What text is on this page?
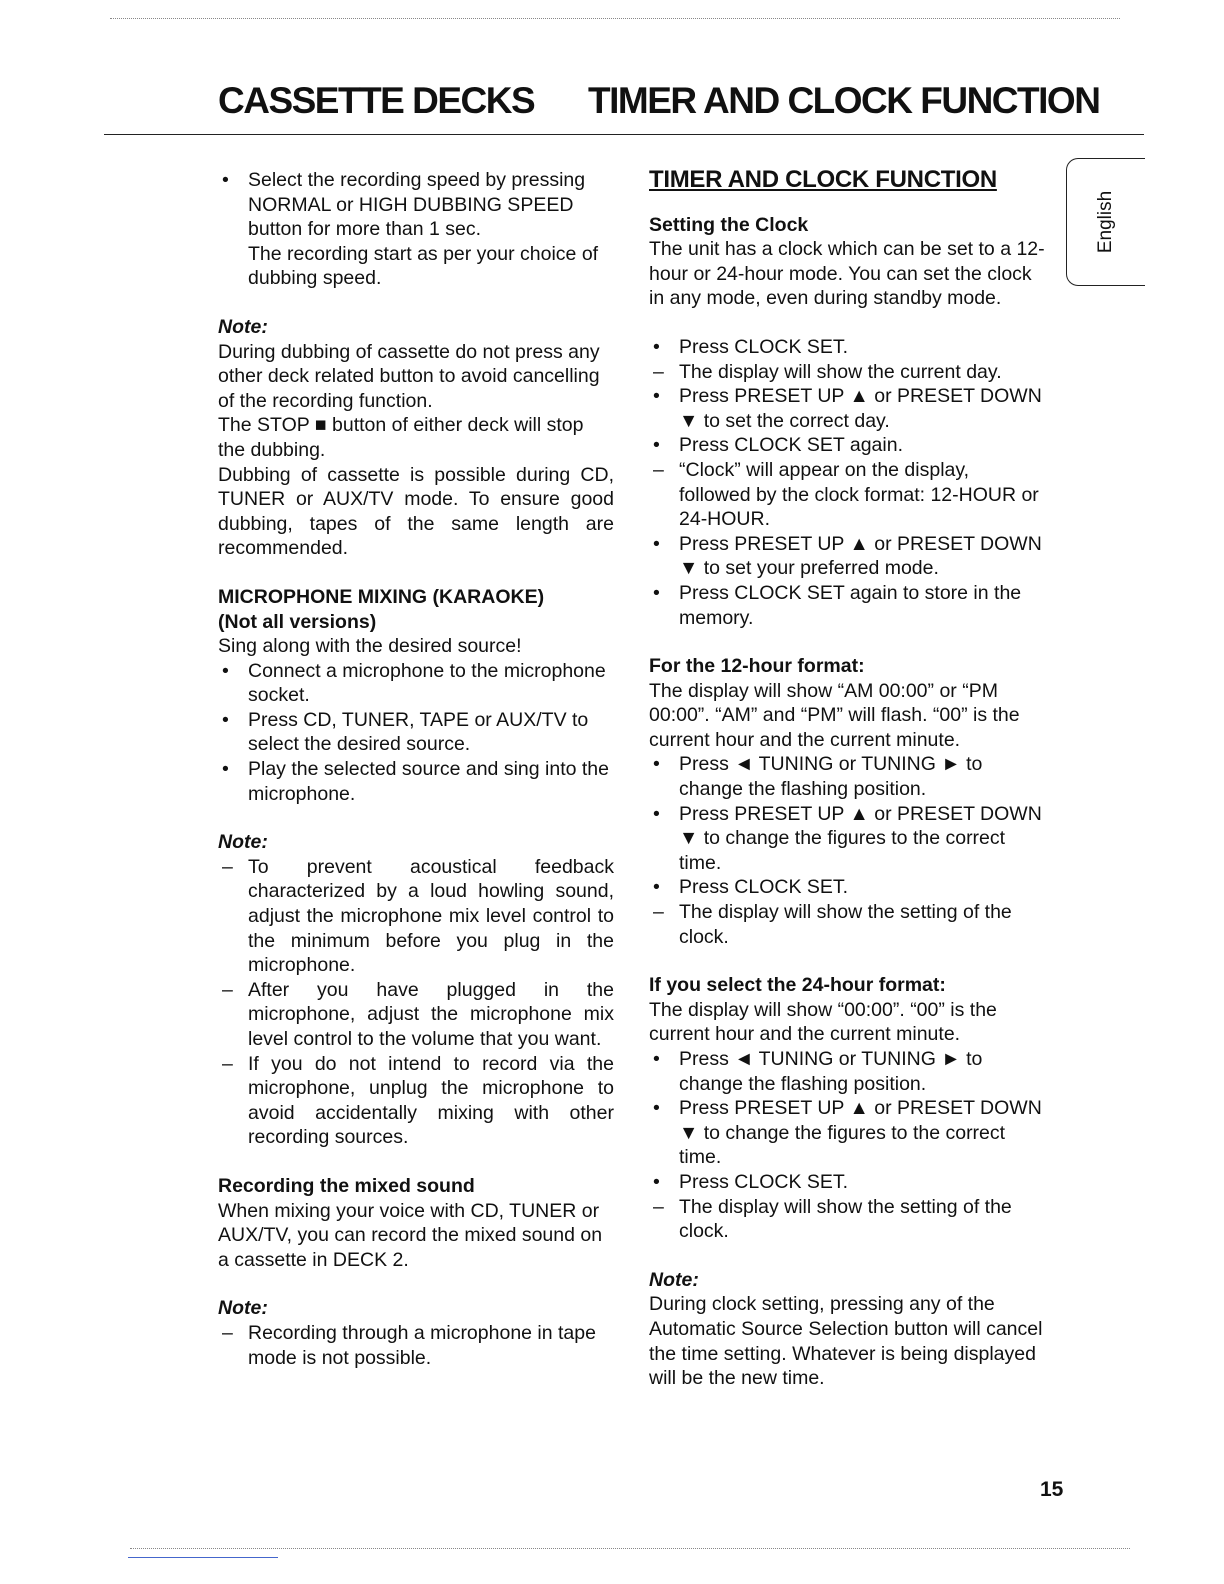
CASSETTE DECKS TIMER AND CLOCK FUNCTION
English
• Select the recording speed by pressing NORMAL or HIGH DUBBING SPEED button for more than 1 sec.
The recording start as per your choice of dubbing speed.

Note:

During dubbing of cassette do not press any other deck related button to avoid cancelling of the recording function.

The STOP ■ button of either deck will stop the dubbing.

Dubbing of cassette is possible during CD, TUNER or AUX/TV mode. To ensure good dubbing, tapes of the same length are recommended.

MICROPHONE MIXING (KARAOKE)

(Not all versions)

Sing along with the desired source!

• Connect a microphone to the microphone socket.
• Press CD, TUNER, TAPE or AUX/TV to select the desired source.
• Play the selected source and sing into the microphone.

Note:

– To prevent acoustical feedback characterized by a loud howling sound, adjust the microphone mix level control to the minimum before you plug in the microphone.
– After you have plugged in the microphone, adjust the microphone mix level control to the volume that you want.
– If you do not intend to record via the microphone, unplug the microphone to avoid accidentally mixing with other recording sources.

Recording the mixed sound

When mixing your voice with CD, TUNER or AUX/TV, you can record the mixed sound on a cassette in DECK 2.

Note:

– Recording through a microphone in tape mode is not possible.

TIMER AND CLOCK FUNCTION

Setting the Clock

The unit has a clock which can be set to a 12-hour or 24-hour mode. You can set the clock in any mode, even during standby mode.

• Press CLOCK SET.
– The display will show the current day.
• Press PRESET UP ▲ or PRESET DOWN ▼ to set the correct day.
• Press CLOCK SET again.
– “Clock” will appear on the display, followed by the clock format: 12-HOUR or 24-HOUR.
• Press PRESET UP ▲ or PRESET DOWN ▼ to set your preferred mode.
• Press CLOCK SET again to store in the memory.

For the 12-hour format:

The display will show “AM 00:00” or “PM 00:00”. “AM” and “PM” will flash. “00” is the current hour and the current minute.

• Press ◄ TUNING or TUNING ► to change the flashing position.
• Press PRESET UP ▲ or PRESET DOWN ▼ to change the figures to the correct time.
• Press CLOCK SET.
– The display will show the setting of the clock.

If you select the 24-hour format:

The display will show “00:00”. “00” is the current hour and the current minute.

• Press ◄ TUNING or TUNING ► to change the flashing position.
• Press PRESET UP ▲ or PRESET DOWN ▼ to change the figures to the correct time.
• Press CLOCK SET.
– The display will show the setting of the clock.

Note:

During clock setting, pressing any of the Automatic Source Selection button will cancel the time setting. Whatever is being displayed will be the new time.

15
